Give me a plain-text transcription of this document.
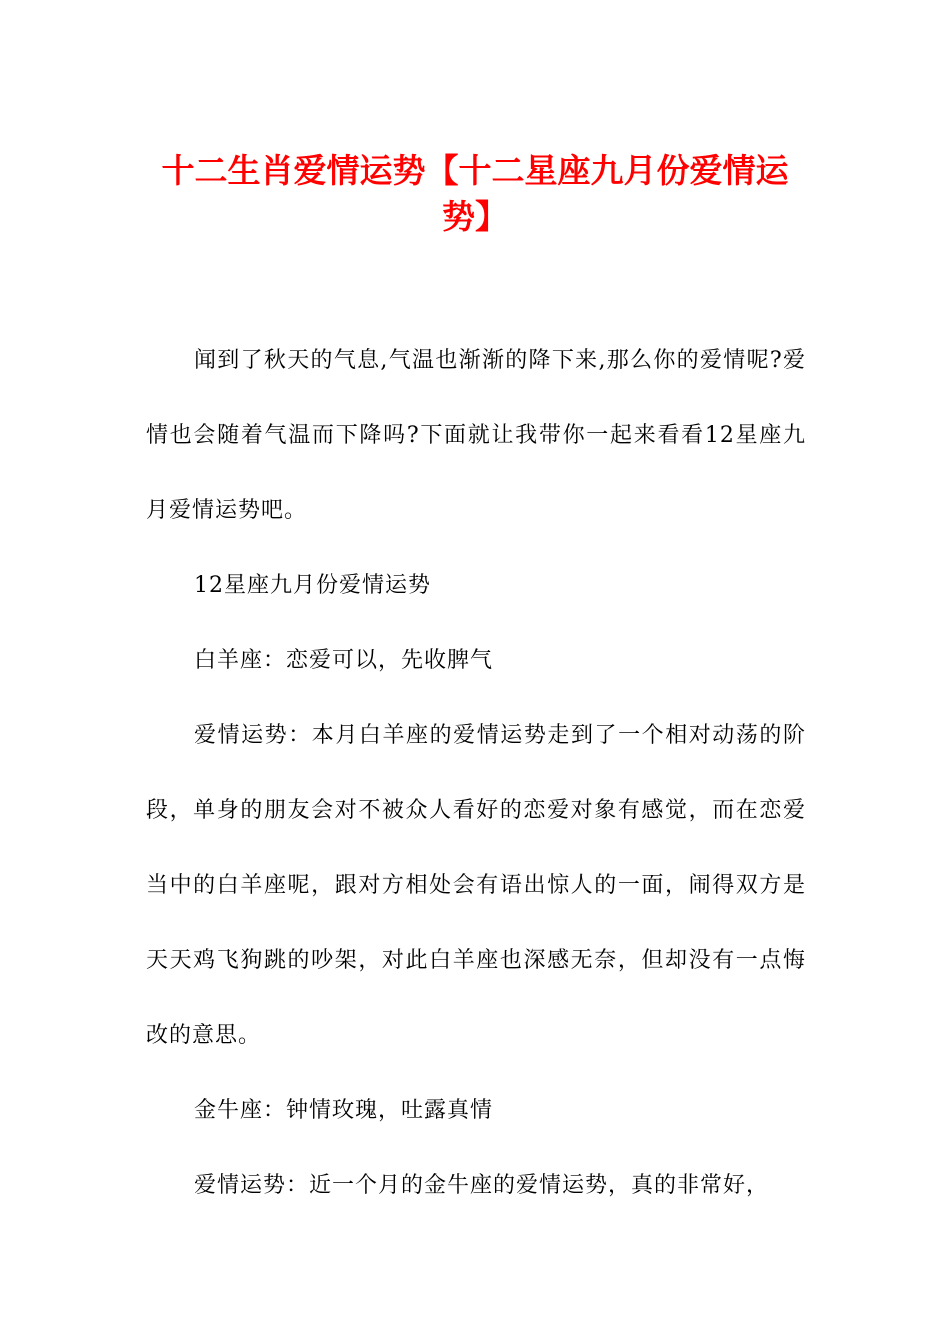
十二生肖爱情运势【十二星座九月份爱情运势】

闻到了秋天的气息,气温也渐渐的降下来,那么你的爱情呢?爱情也会随着气温而下降吗?下面就让我带你一起来看看12星座九月爱情运势吧。

12星座九月份爱情运势

白羊座：恋爱可以，先收脾气

爱情运势：本月白羊座的爱情运势走到了一个相对动荡的阶段，单身的朋友会对不被众人看好的恋爱对象有感觉，而在恋爱当中的白羊座呢，跟对方相处会有语出惊人的一面，闹得双方是天天鸡飞狗跳的吵架，对此白羊座也深感无奈，但却没有一点悔改的意思。

金牛座：钟情玫瑰，吐露真情

爱情运势：近一个月的金牛座的爱情运势，真的非常好，
